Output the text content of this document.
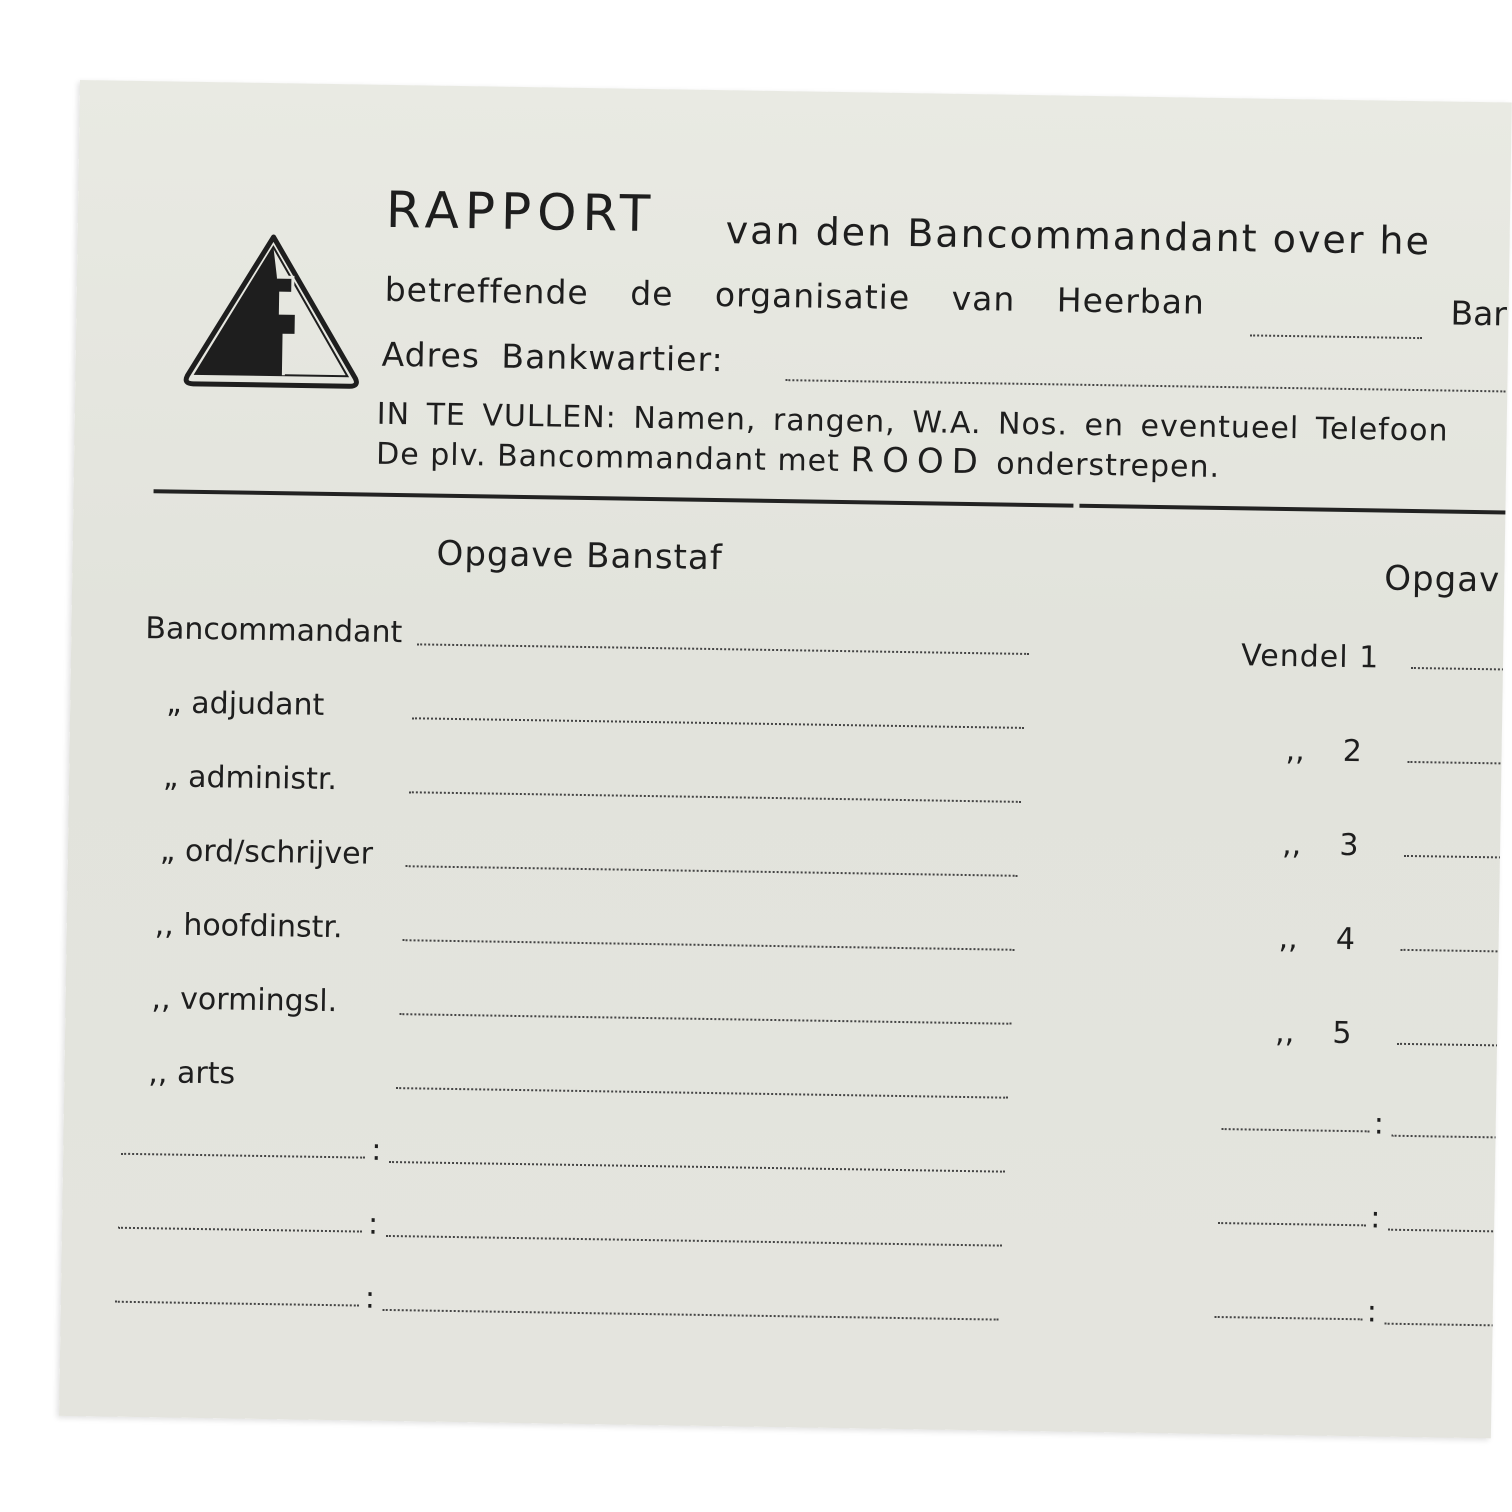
RAPPORT van den Bancommandant over he
betreffende de organisatie van Heerban	Bar
Adres Bankwartier:
IN TE VULLEN: Namen, rangen, W.A. Nos. en eventueel Telefoon
De plv. Bancommandant met ROOD onderstrepen.
Opgave Banstaf
Bancommandant
„ adjudant
„ administr.
„ ord/schrijver
,, hoofdinstr.
,, vormingsl.
,, arts
:
:
:
Opgav
Vendel 1
,,    2
,,    3
,,    4
,,    5
:
:
:
